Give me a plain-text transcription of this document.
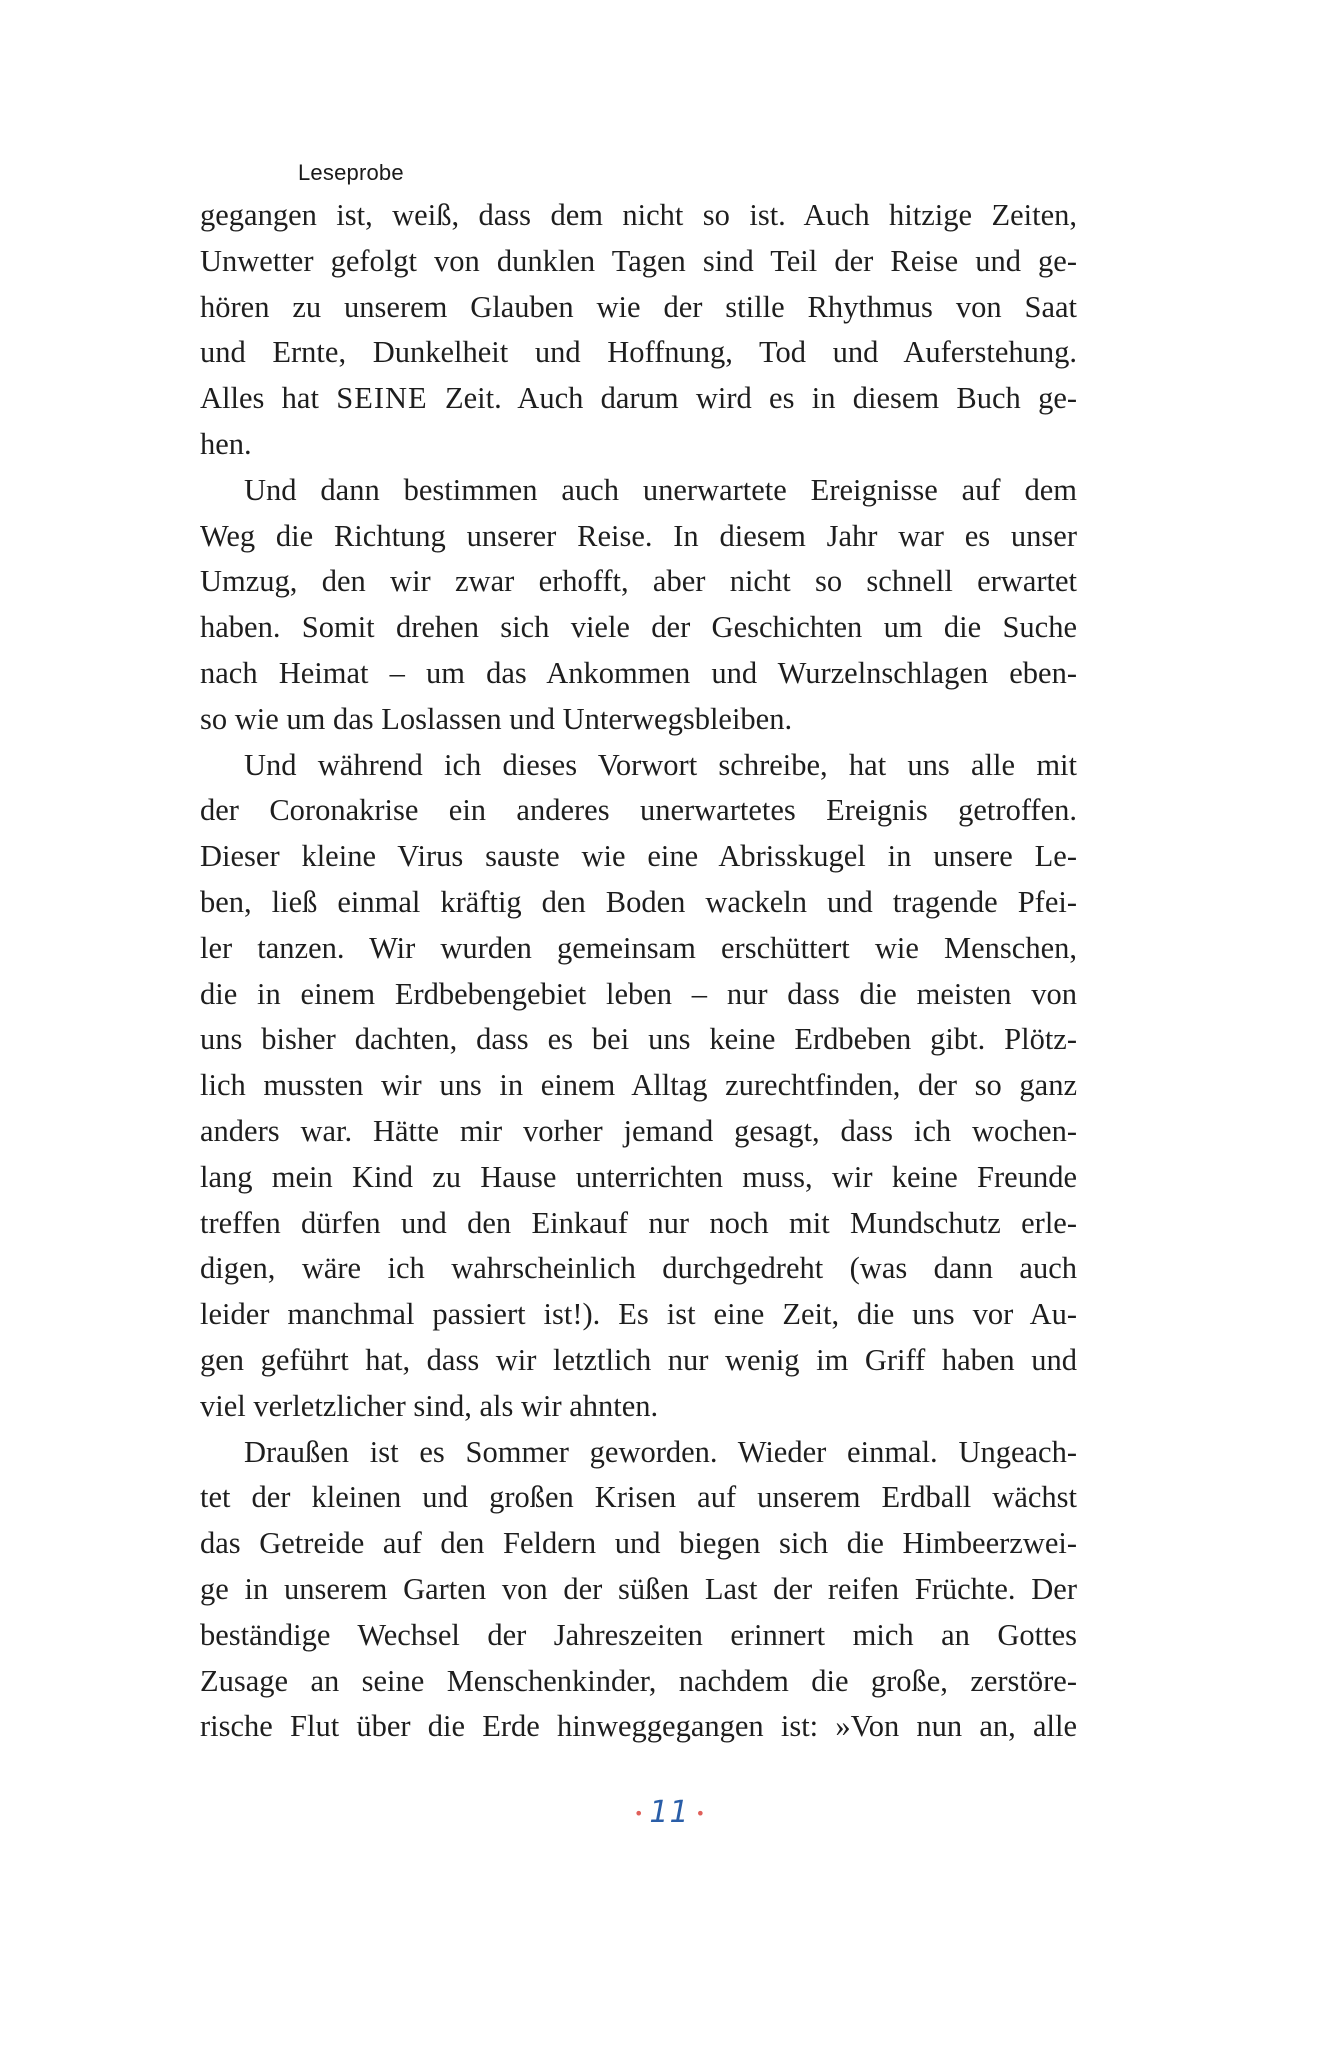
Leseprobe
gegangen ist, weiß, dass dem nicht so ist. Auch hitzige Zeiten,
Unwetter gefolgt von dunklen Tagen sind Teil der Reise und ge-
hören zu unserem Glauben wie der stille Rhythmus von Saat
und Ernte, Dunkelheit und Hoffnung, Tod und Auferstehung.
Alles hat SEINE Zeit. Auch darum wird es in diesem Buch ge-
hen.
Und dann bestimmen auch unerwartete Ereignisse auf dem
Weg die Richtung unserer Reise. In diesem Jahr war es unser
Umzug, den wir zwar erhofft, aber nicht so schnell erwartet
haben. Somit drehen sich viele der Geschichten um die Suche
nach Heimat – um das Ankommen und Wurzelnschlagen eben-
so wie um das Loslassen und Unterwegsbleiben.
Und während ich dieses Vorwort schreibe, hat uns alle mit
der Coronakrise ein anderes unerwartetes Ereignis getroffen.
Dieser kleine Virus sauste wie eine Abrisskugel in unsere Le-
ben, ließ einmal kräftig den Boden wackeln und tragende Pfei-
ler tanzen. Wir wurden gemeinsam erschüttert wie Menschen,
die in einem Erdbebengebiet leben – nur dass die meisten von
uns bisher dachten, dass es bei uns keine Erdbeben gibt. Plötz-
lich mussten wir uns in einem Alltag zurechtfinden, der so ganz
anders war. Hätte mir vorher jemand gesagt, dass ich wochen-
lang mein Kind zu Hause unterrichten muss, wir keine Freunde
treffen dürfen und den Einkauf nur noch mit Mundschutz erle-
digen, wäre ich wahrscheinlich durchgedreht (was dann auch
leider manchmal passiert ist!). Es ist eine Zeit, die uns vor Au-
gen geführt hat, dass wir letztlich nur wenig im Griff haben und
viel verletzlicher sind, als wir ahnten.
Draußen ist es Sommer geworden. Wieder einmal. Ungeach-
tet der kleinen und großen Krisen auf unserem Erdball wächst
das Getreide auf den Feldern und biegen sich die Himbeerzwei-
ge in unserem Garten von der süßen Last der reifen Früchte. Der
beständige Wechsel der Jahreszeiten erinnert mich an Gottes
Zusage an seine Menschenkinder, nachdem die große, zerstöre-
rische Flut über die Erde hinweggegangen ist: »Von nun an, alle
• 11 •
